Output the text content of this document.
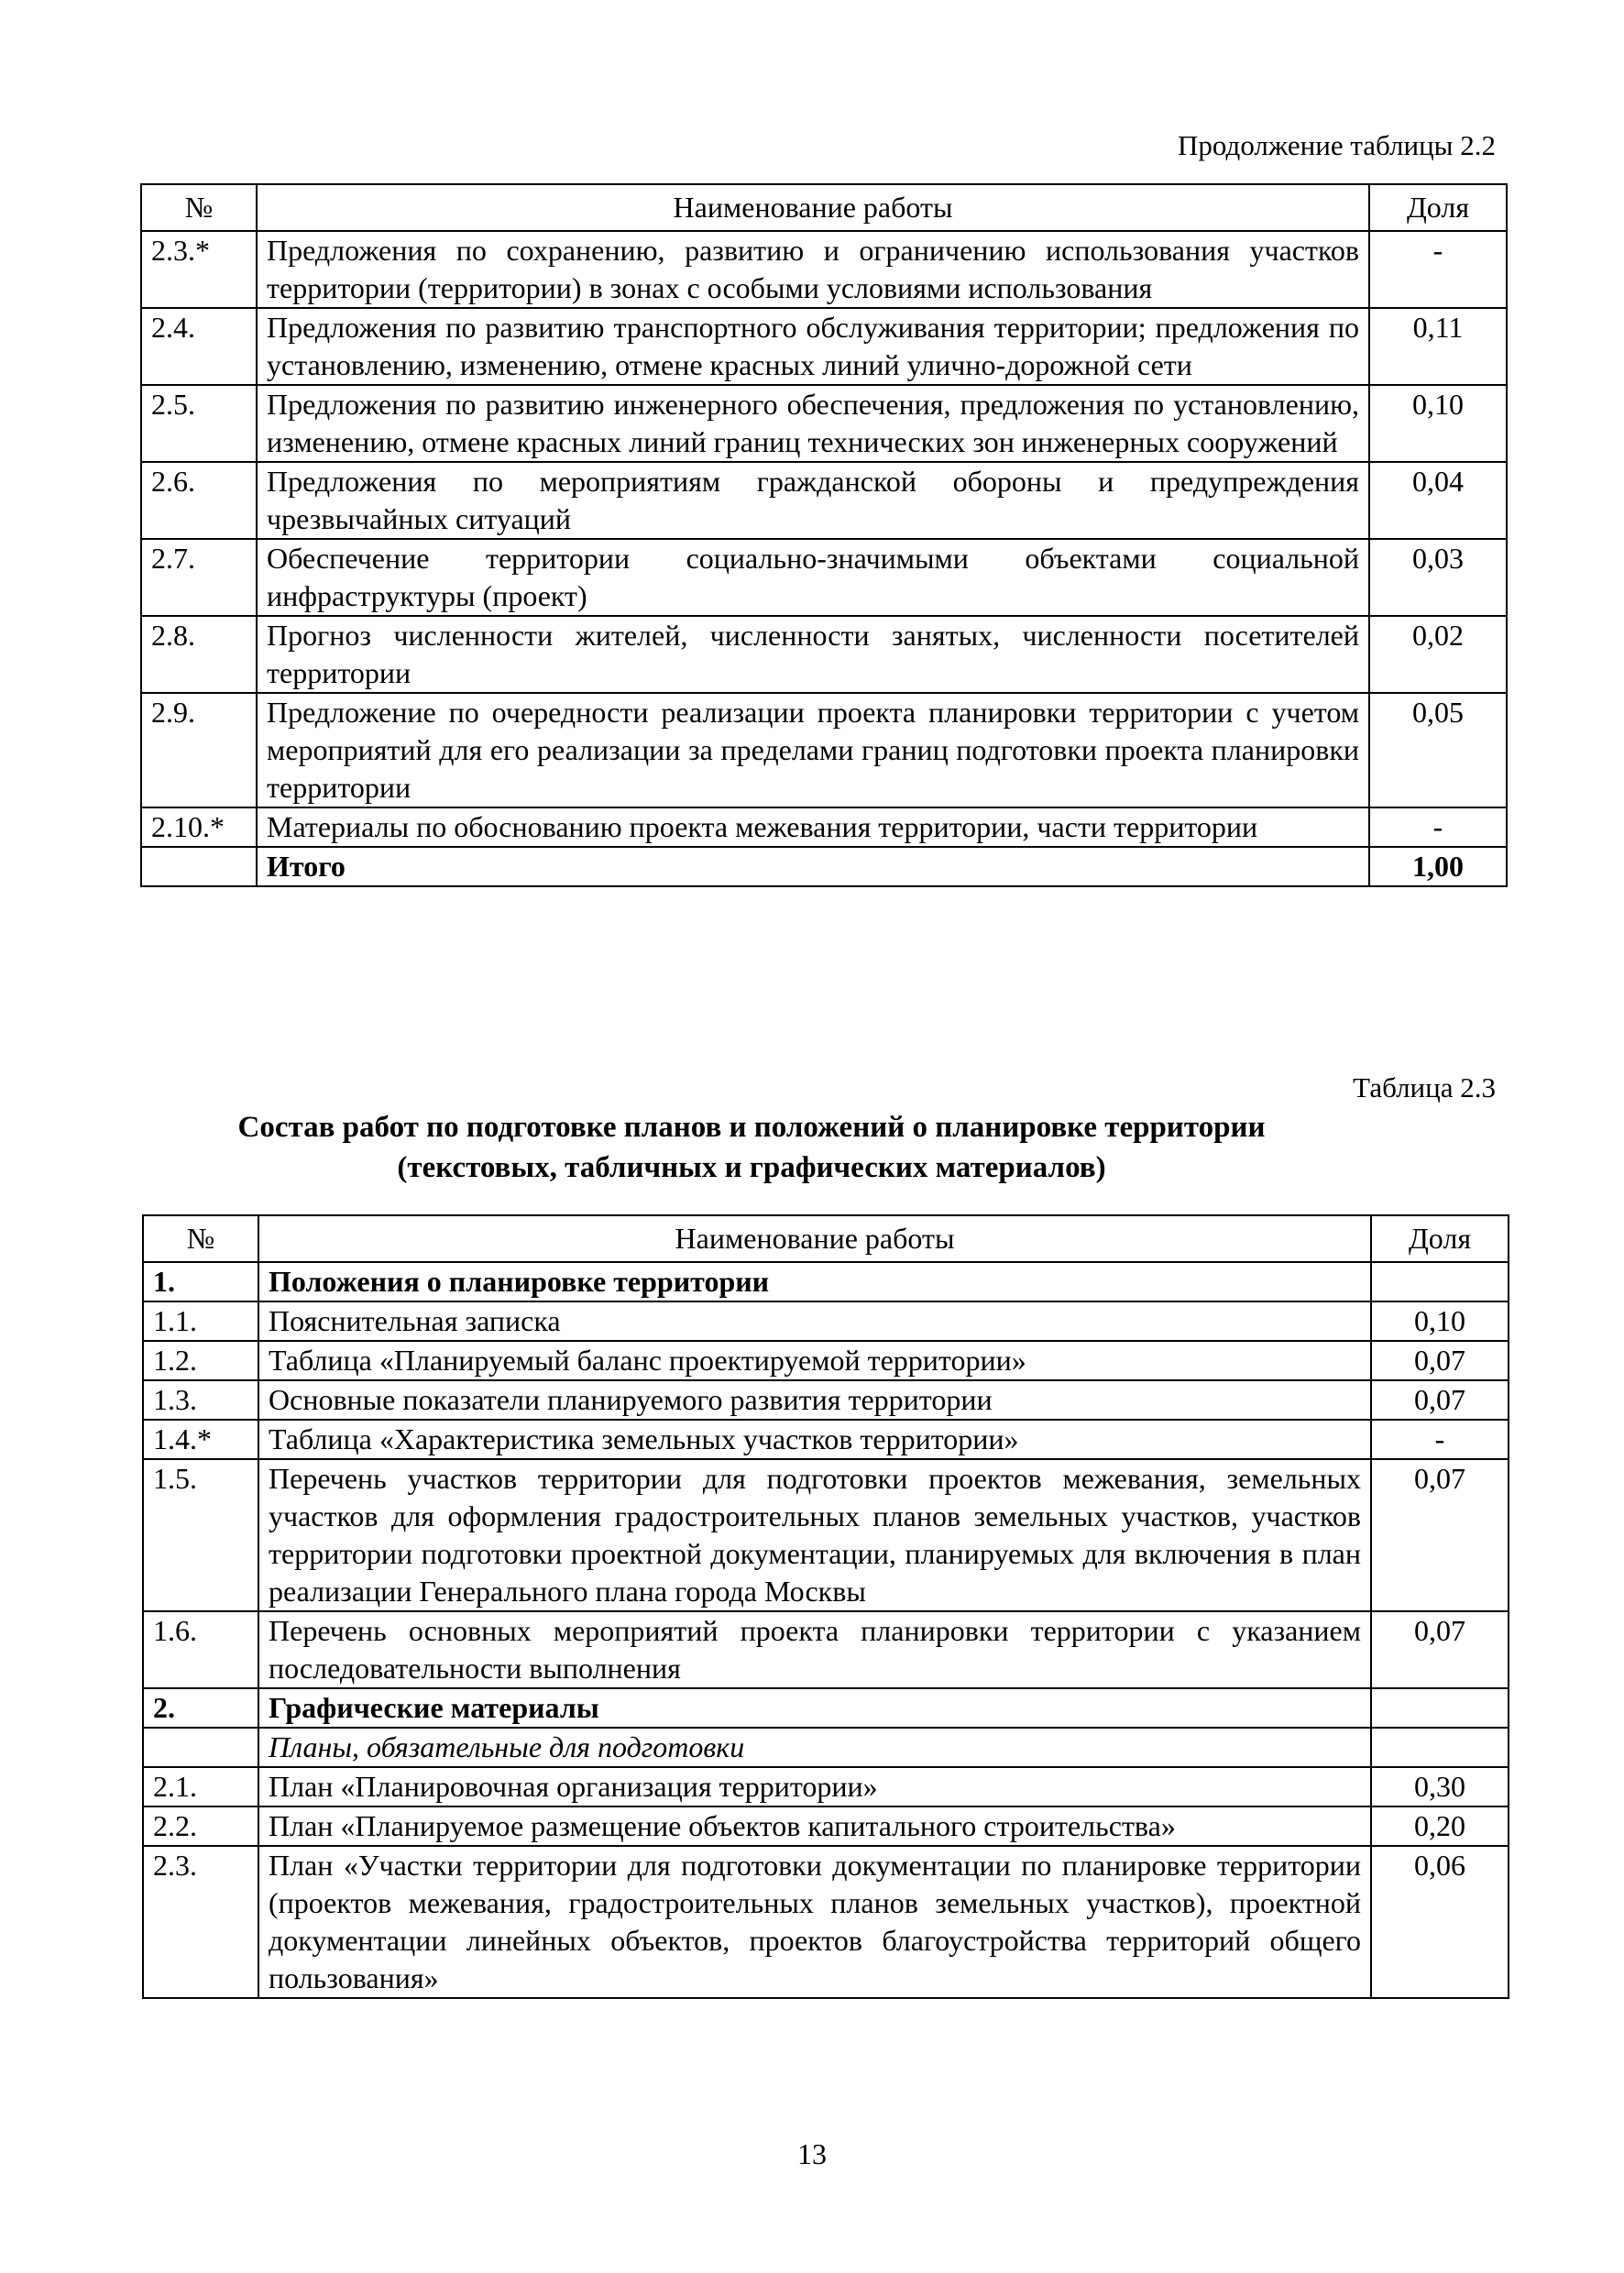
Продолжение таблицы 2.2
№	Наименование работы	Доля
2.3.*	Предложения по сохранению, развитию и ограничению использования участков территории (территории) в зонах с особыми условиями использования	-
2.4.	Предложения по развитию транспортного обслуживания территории; предложения по установлению, изменению, отмене красных линий улично-дорожной сети	0,11
2.5.	Предложения по развитию инженерного обеспечения, предложения по установлению, изменению, отмене красных линий границ технических зон инженерных сооружений	0,10
2.6.	Предложения по мероприятиям гражданской обороны и предупреждения чрезвычайных ситуаций	0,04
2.7.	Обеспечение территории социально-значимыми объектами социальной инфраструктуры (проект)	0,03
2.8.	Прогноз численности жителей, численности занятых, численности посетителей территории	0,02
2.9.	Предложение по очередности реализации проекта планировки территории с учетом мероприятий для его реализации за пределами границ подготовки проекта планировки территории	0,05
2.10.*	Материалы по обоснованию проекта межевания территории, части территории	-
	Итого	1,00
Таблица 2.3
Состав работ по подготовке планов и положений о планировке территории
(текстовых, табличных и графических материалов)
№	Наименование работы	Доля
1.	Положения о планировке территории	
1.1.	Пояснительная записка	0,10
1.2.	Таблица «Планируемый баланс проектируемой территории»	0,07
1.3.	Основные показатели планируемого развития территории	0,07
1.4.*	Таблица «Характеристика земельных участков территории»	-
1.5.	Перечень участков территории для подготовки проектов межевания, земельных участков для оформления градостроительных планов земельных участков, участков территории подготовки проектной документации, планируемых для включения в план реализации Генерального плана города Москвы	0,07
1.6.	Перечень основных мероприятий проекта планировки территории с указанием последовательности выполнения	0,07
2.	Графические материалы	
	Планы, обязательные для подготовки	
2.1.	План «Планировочная организация территории»	0,30
2.2.	План «Планируемое размещение объектов капитального строительства»	0,20
2.3.	План «Участки территории для подготовки документации по планировке территории (проектов межевания, градостроительных планов земельных участков), проектной документации линейных объектов, проектов благоустройства территорий общего пользования»	0,06
13
